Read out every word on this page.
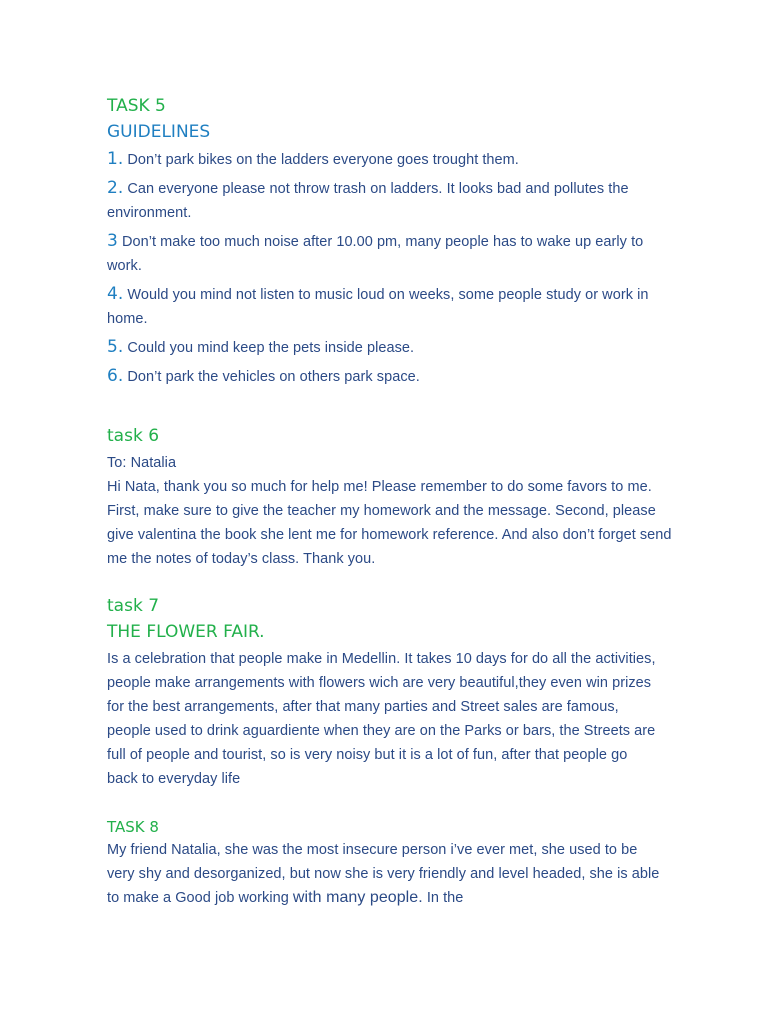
TASK 5
GUIDELINES

1. Don’t park bikes on the ladders everyone goes trought them.

2. Can everyone please not throw trash on ladders. It looks bad and pollutes the environment.

3 Don’t make too much noise after 10.00 pm, many people has to wake up early to work.

4. Would you mind not listen to music loud on weeks, some people study or work in home.

5. Could you mind keep the pets inside please.

6. Don’t park the vehicles on others park space.

task 6

To: Natalia

Hi Nata, thank you so much for help me! Please remember to do some favors to me. First, make sure to give the teacher my homework and the message. Second, please give valentina the book she lent me for homework reference. And also don’t forget send me the notes of today’s class. Thank you.

task 7
THE FLOWER FAIR.

Is a celebration that people make in Medellin. It takes 10 days for do all the activities, people make arrangements with flowers wich are very beautiful,they even win prizes for the best arrangements, after that many parties and Street sales are famous, people used to drink aguardiente when they are on the Parks or bars, the Streets are full of people and tourist, so is very noisy but it is a lot of fun, after that people go back to everyday life

TASK 8

My friend Natalia, she was the most insecure person i’ve ever met, she used to be very shy and desorganized, but now she is very friendly and level headed, she is able to make a Good job working with many people. In the
